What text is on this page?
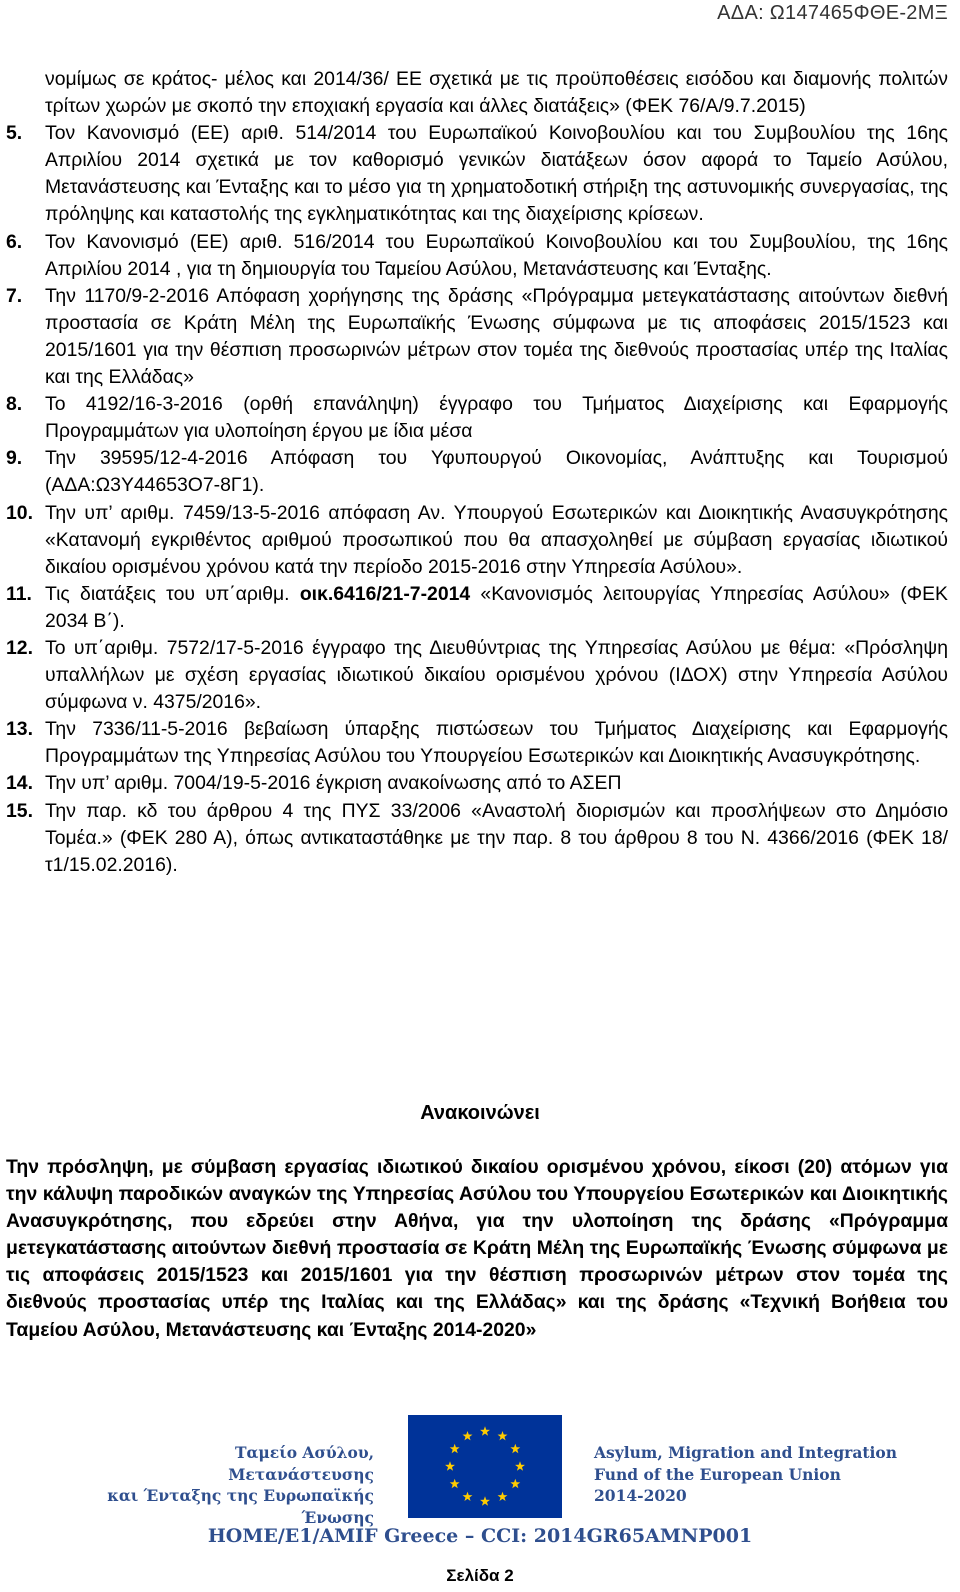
ΑΔΑ: Ω147465ΦΘΕ-2ΜΞ
νομίμως σε κράτος- μέλος και 2014/36/ ΕΕ σχετικά με τις προϋποθέσεις εισόδου και διαμονής πολιτών τρίτων χωρών με σκοπό την εποχιακή εργασία και άλλες διατάξεις» (ΦΕΚ 76/Α/9.7.2015)
5.	Τον Κανονισμό (ΕΕ) αριθ. 514/2014 του Ευρωπαϊκού Κοινοβουλίου και του Συμβουλίου της 16ης Απριλίου 2014 σχετικά με τον καθορισμό γενικών διατάξεων όσον αφορά το Ταμείο Ασύλου, Μετανάστευσης και Ένταξης και το μέσο για τη χρηματοδοτική στήριξη της αστυνομικής συνεργασίας, της πρόληψης και καταστολής της εγκληματικότητας και της διαχείρισης κρίσεων.
6.	Τον Κανονισμό (ΕΕ) αριθ. 516/2014 του Ευρωπαϊκού Κοινοβουλίου και του Συμβουλίου, της 16ης Απριλίου 2014 , για τη δημιουργία του Ταμείου Ασύλου, Μετανάστευσης και Ένταξης.
7.	Την 1170/9-2-2016 Απόφαση χορήγησης της δράσης «Πρόγραμμα μετεγκατάστασης αιτούντων διεθνή προστασία σε Κράτη Μέλη της Ευρωπαϊκής Ένωσης σύμφωνα με τις αποφάσεις 2015/1523 και 2015/1601 για την θέσπιση προσωρινών μέτρων στον τομέα της διεθνούς προστασίας υπέρ της Ιταλίας και της Ελλάδας»
8.	Το 4192/16-3-2016 (ορθή επανάληψη) έγγραφο του Τμήματος Διαχείρισης και Εφαρμογής Προγραμμάτων για υλοποίηση έργου με ίδια μέσα
9.	Την 39595/12-4-2016 Απόφαση του Υφυπουργού Οικονομίας, Ανάπτυξης και Τουρισμού (ΑΔΑ:Ω3Υ44653Ο7-8Γ1).
10. Την υπ’ αριθμ. 7459/13-5-2016 απόφαση Αν. Υπουργού Εσωτερικών και Διοικητικής Ανασυγκρότησης «Κατανομή εγκριθέντος αριθμού προσωπικού που θα απασχοληθεί με σύμβαση εργασίας ιδιωτικού δικαίου ορισμένου χρόνου κατά την περίοδο 2015-2016 στην Υπηρεσία Ασύλου».
11. Τις διατάξεις του υπ΄αριθμ. οικ.6416/21-7-2014 «Κανονισμός λειτουργίας Υπηρεσίας Ασύλου» (ΦΕΚ 2034 Β΄).
12. Το υπ΄αριθμ. 7572/17-5-2016 έγγραφο της Διευθύντριας της Υπηρεσίας Ασύλου με θέμα: «Πρόσληψη υπαλλήλων με σχέση εργασίας ιδιωτικού δικαίου ορισμένου χρόνου (ΙΔΟΧ) στην Υπηρεσία Ασύλου σύμφωνα ν. 4375/2016».
13. Την 7336/11-5-2016 βεβαίωση ύπαρξης πιστώσεων του Τμήματος Διαχείρισης και Εφαρμογής Προγραμμάτων της Υπηρεσίας Ασύλου του Υπουργείου Εσωτερικών και Διοικητικής Ανασυγκρότησης.
14. Την υπ’ αριθμ. 7004/19-5-2016 έγκριση ανακοίνωσης από το ΑΣΕΠ
15. Την παρ. κδ του άρθρου 4 της ΠΥΣ 33/2006 «Αναστολή διορισμών και προσλήψεων στο Δημόσιο Τομέα.» (ΦΕΚ 280 Α), όπως αντικαταστάθηκε με την παρ. 8 του άρθρου 8 του Ν. 4366/2016 (ΦΕΚ 18/τ1/15.02.2016).
Ανακοινώνει
Την πρόσληψη, με σύμβαση εργασίας ιδιωτικού δικαίου ορισμένου χρόνου, είκοσι (20) ατόμων για την κάλυψη παροδικών αναγκών της Υπηρεσίας Ασύλου του Υπουργείου Εσωτερικών και Διοικητικής Ανασυγκρότησης, που εδρεύει στην Αθήνα, για την υλοποίηση της δράσης «Πρόγραμμα μετεγκατάστασης αιτούντων διεθνή προστασία σε Κράτη Μέλη της Ευρωπαϊκής Ένωσης σύμφωνα με τις αποφάσεις 2015/1523 και 2015/1601 για την θέσπιση προσωρινών μέτρων στον τομέα της διεθνούς προστασίας υπέρ της Ιταλίας και της Ελλάδας» και της δράσης «Τεχνική Βοήθεια του Ταμείου Ασύλου, Μετανάστευσης και Ένταξης 2014-2020»
Ταμείο Ασύλου, Μετανάστευσης
και Ένταξης της Ευρωπαϊκής
Ένωσης
Asylum, Migration and Integration
Fund of the European Union
2014-2020
HOME/E1/AMIF Greece – CCI: 2014GR65AMNP001
Σελίδα 2
